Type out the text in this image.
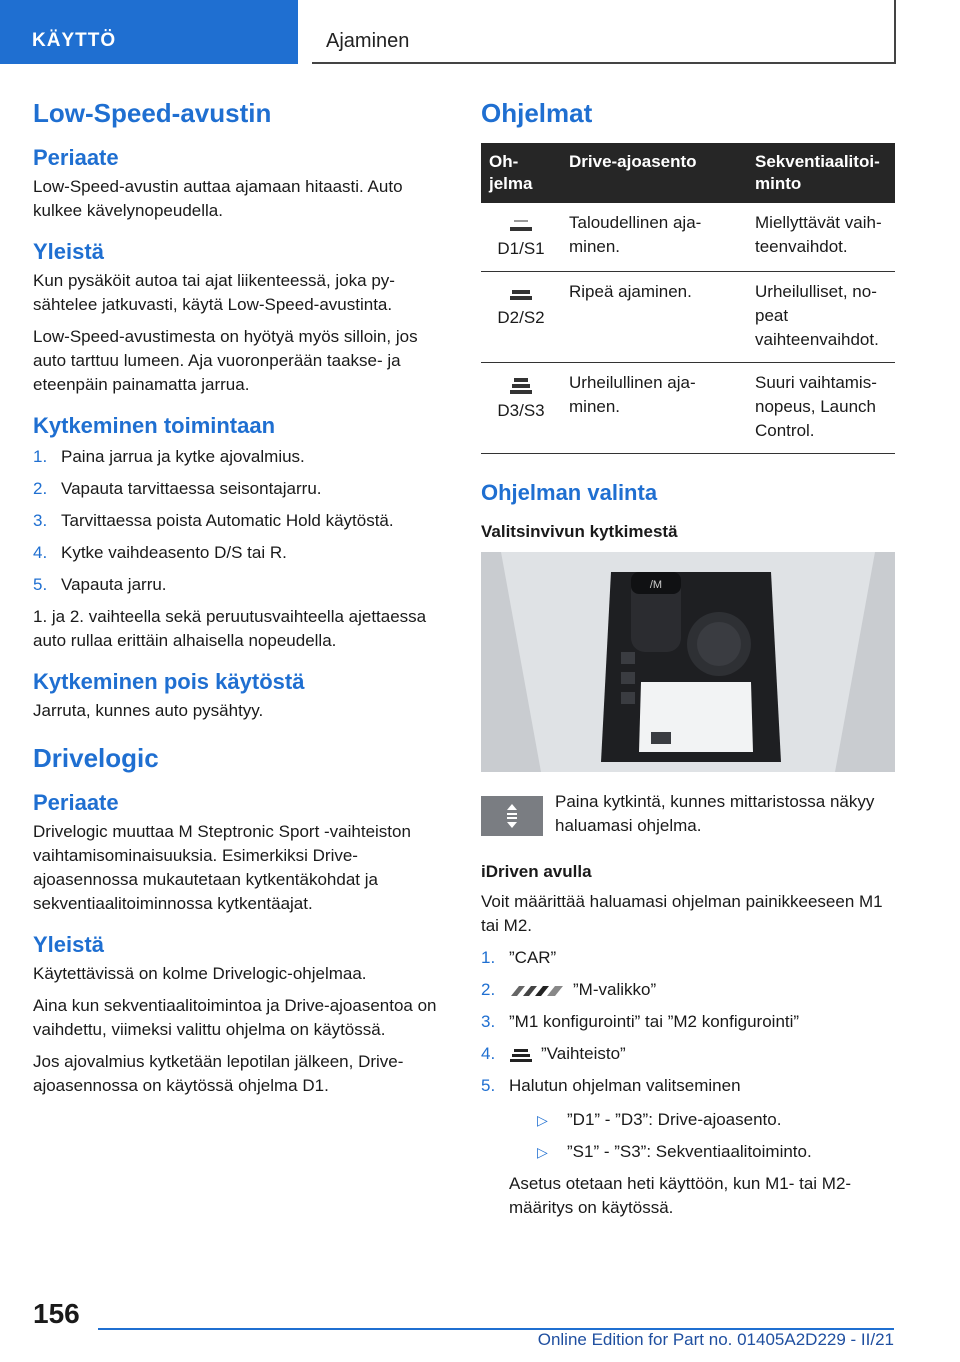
KÄYTTÖ	Ajaminen
Low-Speed-avustin
Periaate

Low-Speed-avustin auttaa ajamaan hitaasti. Auto kulkee kävelynopeudella.

Yleistä

Kun pysäköit autoa tai ajat liikenteessä, joka pysähtelee jatkuvasti, käytä Low-Speed-avustinta.

Low-Speed-avustimesta on hyötyä myös silloin, jos auto tarttuu lumeen. Aja vuoronperään taakse- ja eteenpäin painamatta jarrua.

Kytkeminen toimintaan
1. Paina jarrua ja kytke ajovalmius.
2. Vapauta tarvittaessa seisontajarru.
3. Tarvittaessa poista Automatic Hold käytöstä.
4. Kytke vaihdeasento D/S tai R.
5. Vapauta jarru.

1. ja 2. vaihteella sekä peruutusvaihteella ajettaessa auto rullaa erittäin alhaisella nopeudella.

Kytkeminen pois käytöstä

Jarruta, kunnes auto pysähtyy.

Drivelogic
Periaate

Drivelogic muuttaa M Steptronic Sport -vaihteiston vaihtamisominaisuuksia. Esimerkiksi Drive-ajoasennossa mukautetaan kytkentäkohdat ja sekventiaalitoiminnossa kytkentäajat.

Yleistä

Käytettävissä on kolme Drivelogic-ohjelmaa.

Aina kun sekventiaalitoimintoa ja Drive-ajoasentoa on vaihdettu, viimeksi valittu ohjelma on käytössä.

Jos ajovalmius kytketään lepotilan jälkeen, Drive-ajoasennossa on käytössä ohjelma D1.

Ohjelmat
Ohjelma	Drive-ajoasento	Sekventiaalitoiminto

D1/S1	Taloudellinen ajaminen.	Miellyttävät vaihteenvaihdot.

D2/S2	Ripeä ajaminen.	Urheilulliset, nopeat vaihteenvaihdot.

D3/S3	Urheilullinen ajaminen.	Suuri vaihtamisnopeus, Launch Control.
Ohjelman valinta
Valitsinvivun kytkimestä
/M

Paina kytkintä, kunnes mittaristossa näkyy haluamasi ohjelma.

iDriven avulla

Voit määrittää haluamasi ohjelman painikkeeseen M1 tai M2.

1. ”CAR”
2.	”M-valikko”
3. ”M1 konfigurointi” tai ”M2 konfigurointi”
4.	”Vaihteisto”
5. Halutun ohjelman valitseminen
▷ ”D1” - ”D3”: Drive-ajoasento.
▷ ”S1” - ”S3”: Sekventiaalitoiminto.

Asetus otetaan heti käyttöön, kun M1- tai M2-määritys on käytössä.

156
Online Edition for Part no. 01405A2D229 - II/21
